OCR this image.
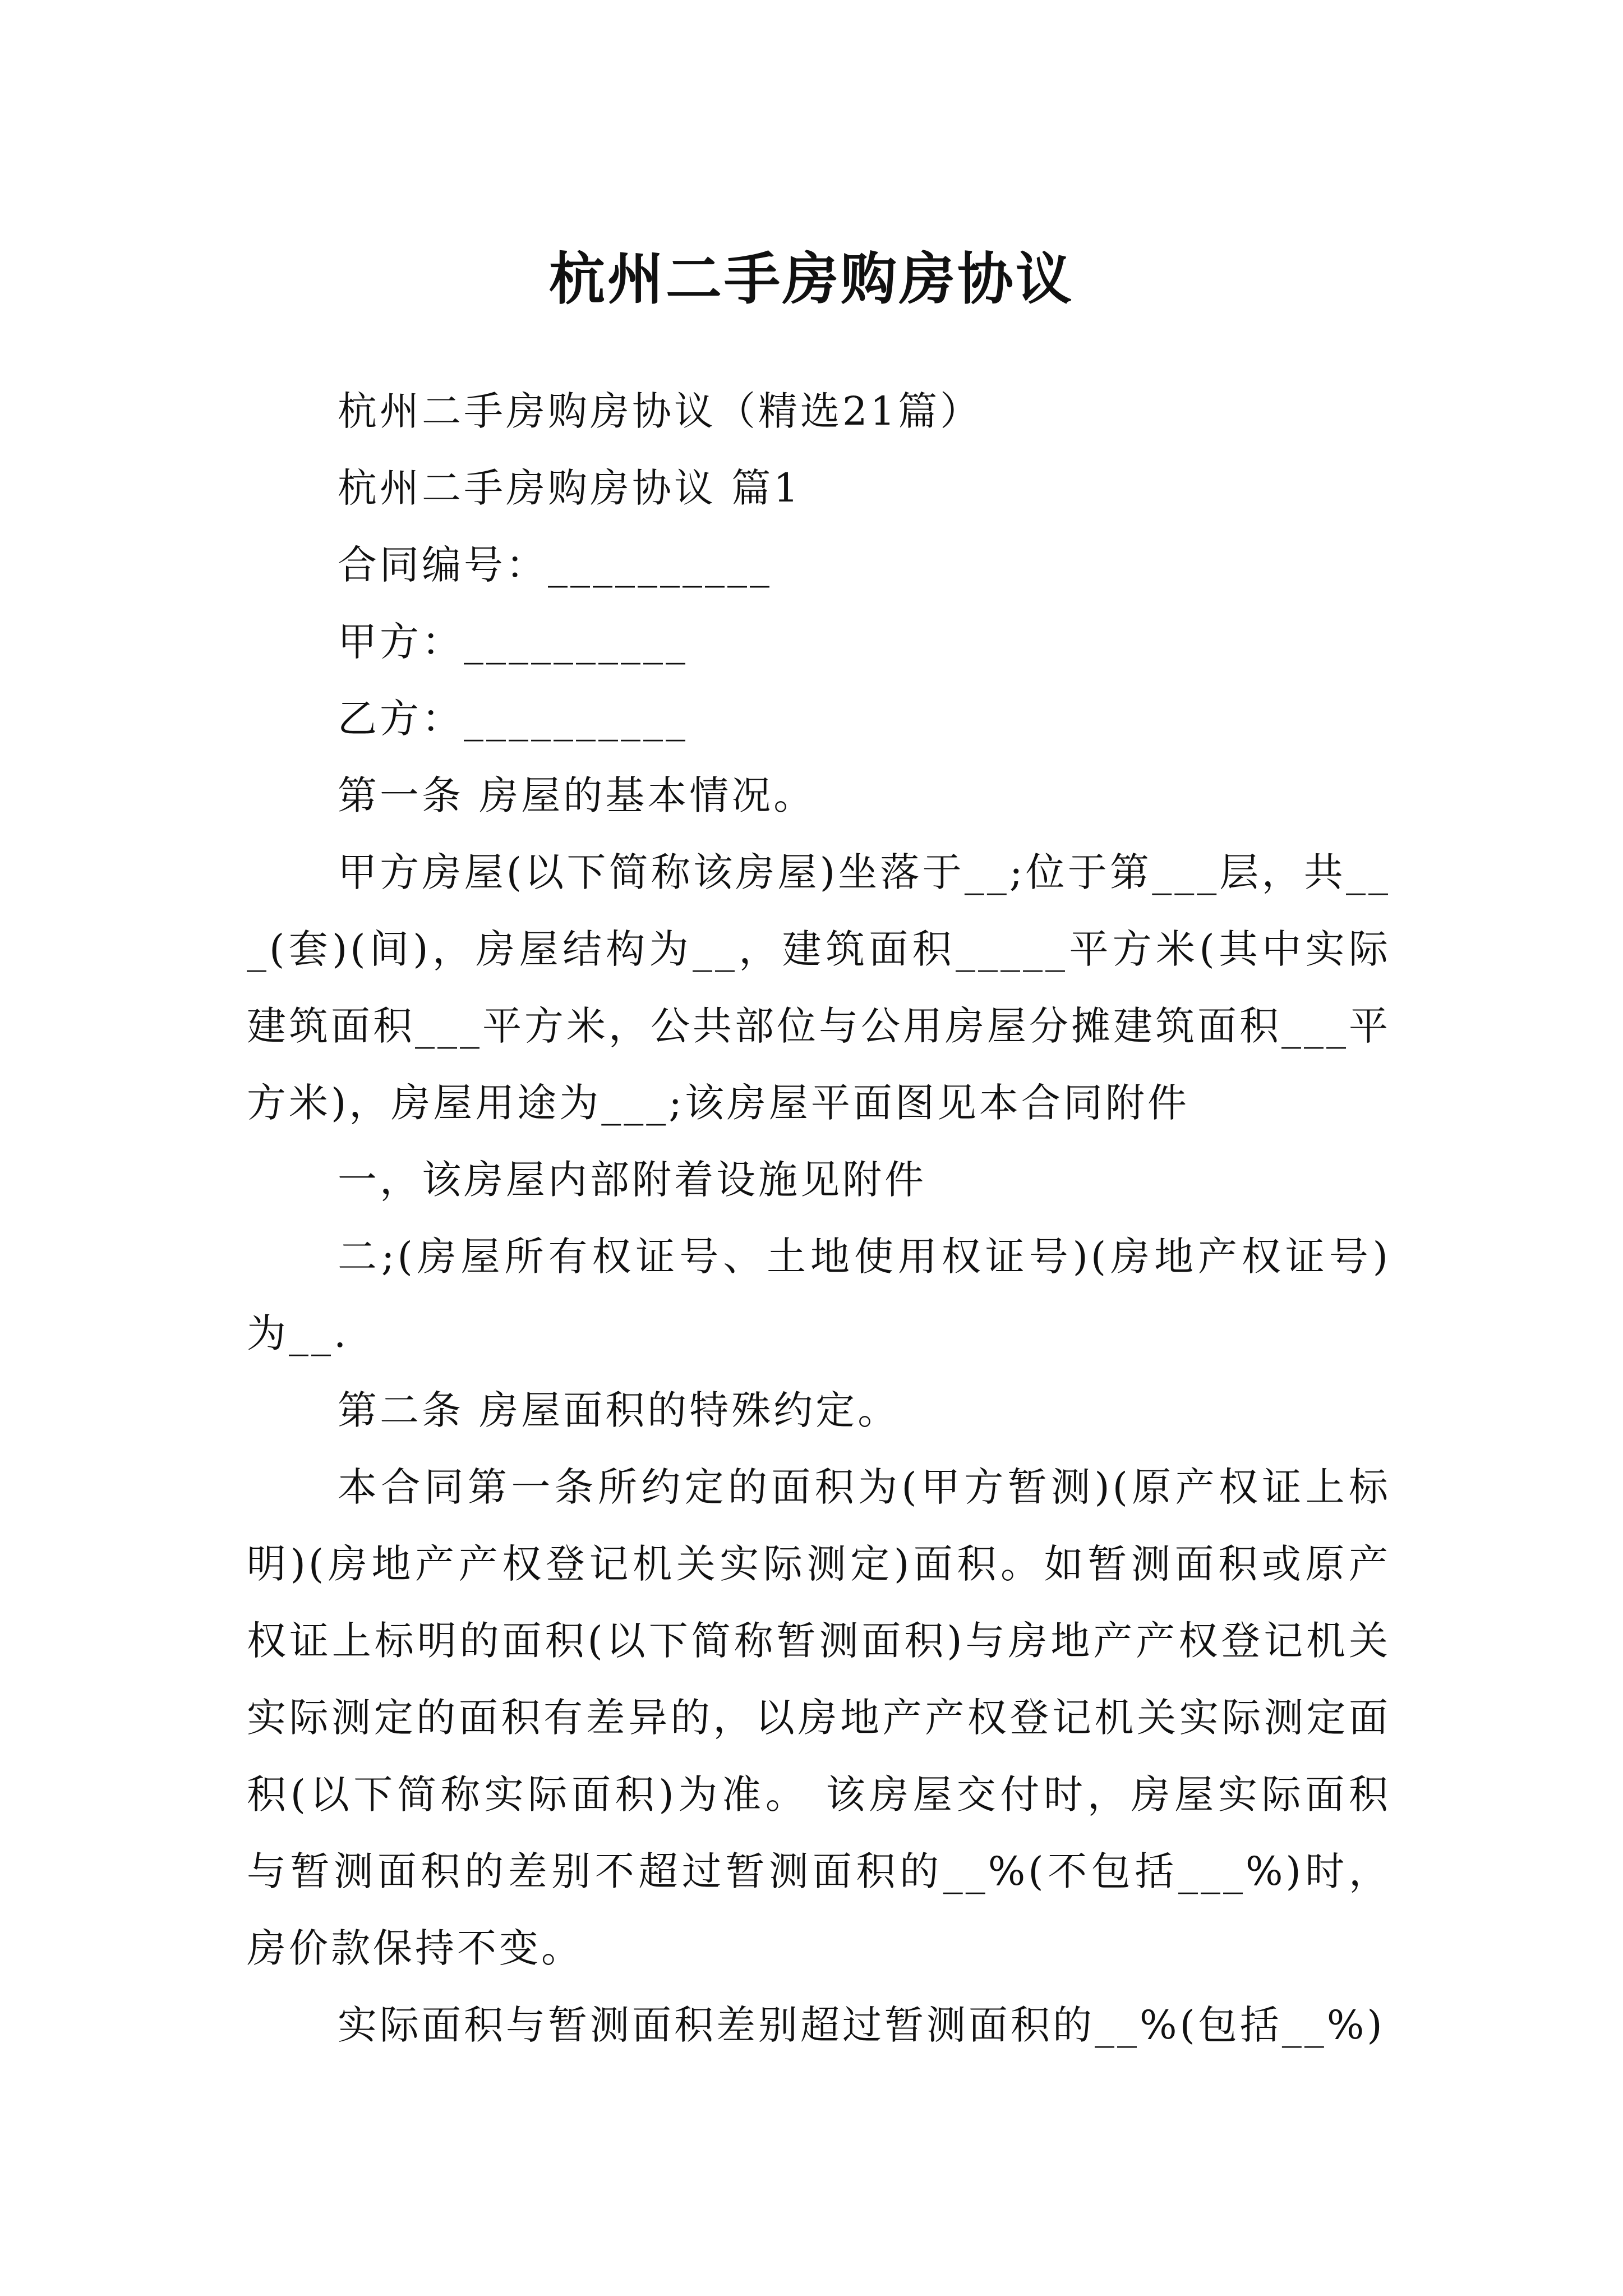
杭州二手房购房协议

杭州二手房购房协议（精选21篇）

杭州二手房购房协议 篇1

合同编号：__________

甲方：__________

乙方：__________

第一条 房屋的基本情况。

甲方房屋(以下简称该房屋)坐落于__;位于第___层，共___(套)(间)，房屋结构为__，建筑面积_____平方米(其中实际建筑面积___平方米，公共部位与公用房屋分摊建筑面积___平方米)，房屋用途为___;该房屋平面图见本合同附件

一，该房屋内部附着设施见附件

二;(房屋所有权证号、土地使用权证号)(房地产权证号)为__.

第二条 房屋面积的特殊约定。

本合同第一条所约定的面积为(甲方暂测)(原产权证上标明)(房地产产权登记机关实际测定)面积。如暂测面积或原产权证上标明的面积(以下简称暂测面积)与房地产产权登记机关实际测定的面积有差异的，以房地产产权登记机关实际测定面积(以下简称实际面积)为准。 该房屋交付时，房屋实际面积与暂测面积的差别不超过暂测面积的__%(不包括___%)时，房价款保持不变。

实际面积与暂测面积差别超过暂测面积的__%(包括__%)
